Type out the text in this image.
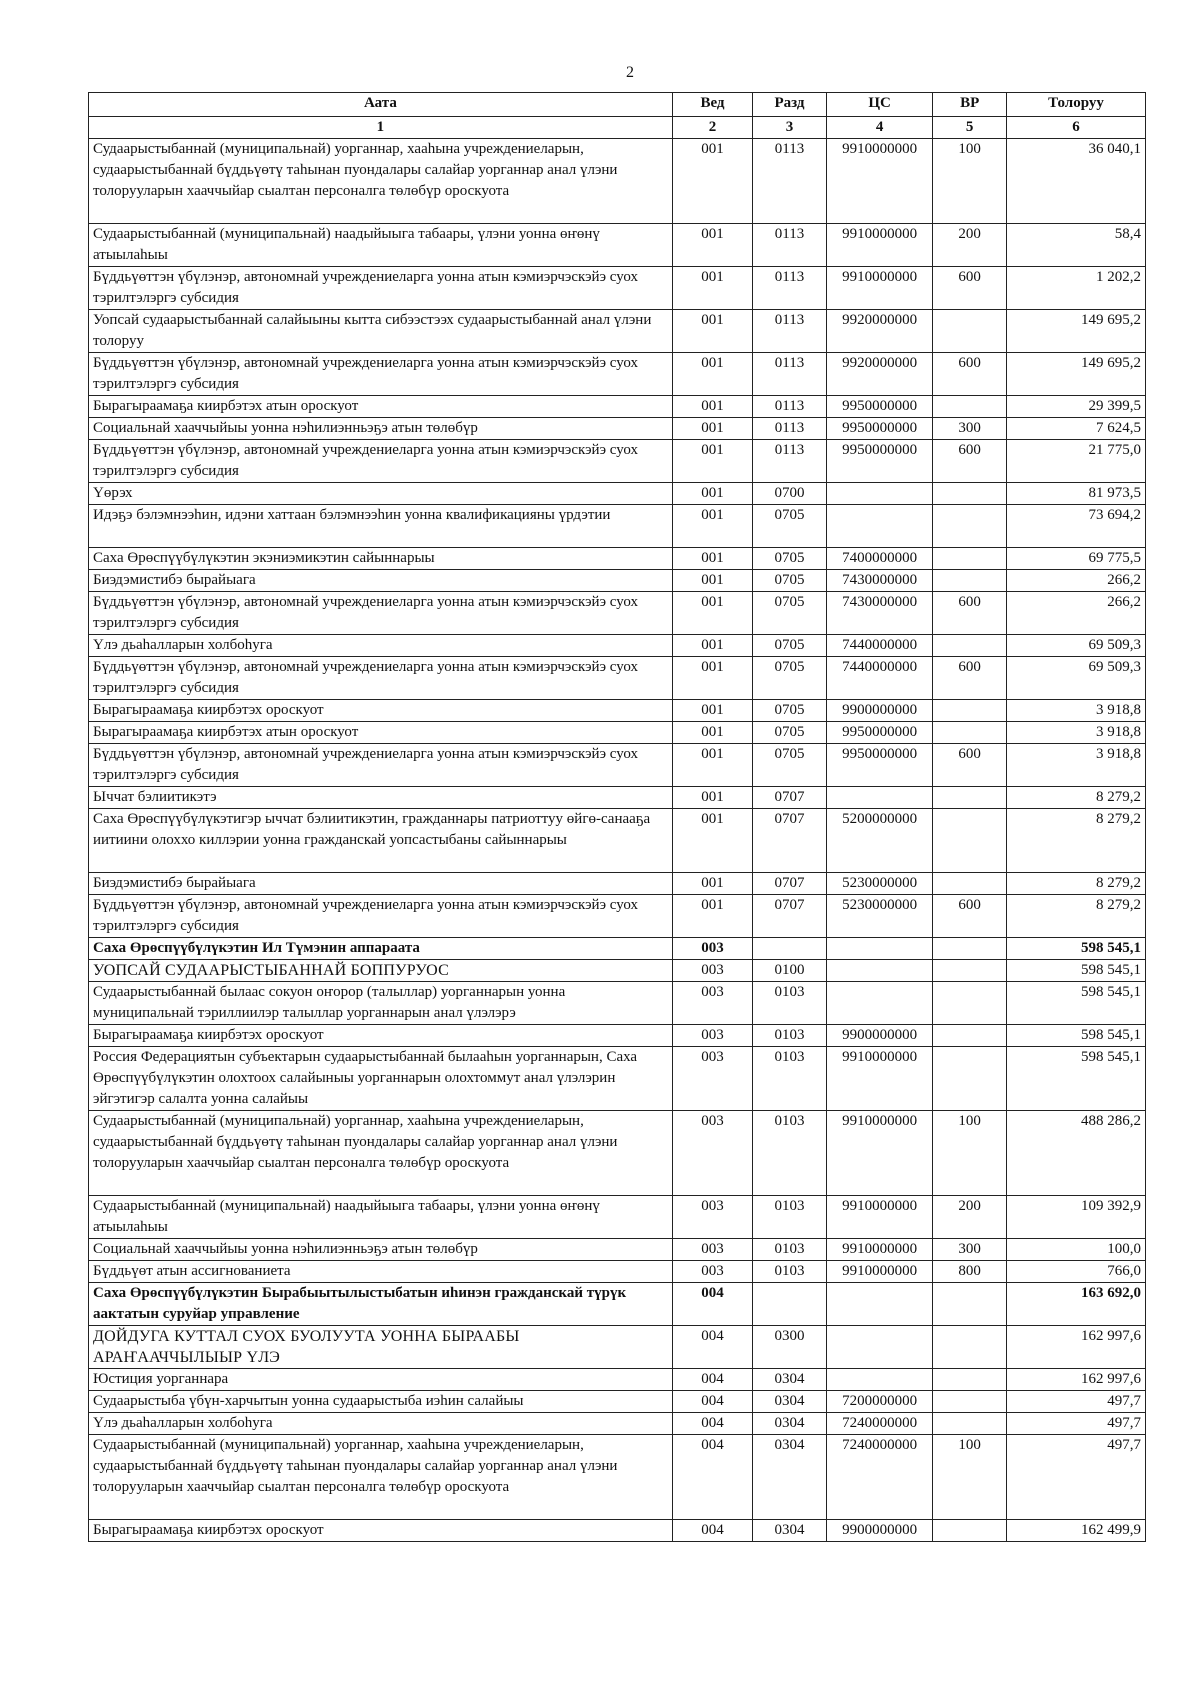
2
Аата	Вед	Разд	ЦС	ВР	Толоруу
1	2	3	4	5	6
Судаарыстыбаннай (муниципальнай) уорганнар, хааһына учреждениеларын, судаарыстыбаннай бүддьүөтү таһынан пуондалары салайар уорганнар анал үлэни толорууларын хааччыйар сыалтан персоналга төлөбүр ороскуота	001	0113	9910000000	100	36 040,1
Судаарыстыбаннай (муниципальнай) наадыйыыга табаары, үлэни уонна өҥөнү атыылаһыы	001	0113	9910000000	200	58,4
Бүддьүөттэн үбүлэнэр, автономнай учреждениеларга уонна атын кэмиэрчэскэйэ суох тэрилтэлэргэ субсидия	001	0113	9910000000	600	1 202,2
Уопсай судаарыстыбаннай салайыыны кытта сибээстээх судаарыстыбаннай анал үлэни толоруу	001	0113	9920000000		149 695,2
Бүддьүөттэн үбүлэнэр, автономнай учреждениеларга уонна атын кэмиэрчэскэйэ суох тэрилтэлэргэ субсидия	001	0113	9920000000	600	149 695,2
Бырагыраамаҕа киирбэтэх атын ороскуот	001	0113	9950000000		29 399,5
Социальнай хааччыйыы уонна нэһилиэнньэҕэ атын төлөбүр	001	0113	9950000000	300	7 624,5
Бүддьүөттэн үбүлэнэр, автономнай учреждениеларга уонна атын кэмиэрчэскэйэ суох тэрилтэлэргэ субсидия	001	0113	9950000000	600	21 775,0
Үөрэх	001	0700			81 973,5
Идэҕэ бэлэмнээһин, идэни хаттаан бэлэмнээһин уонна квалификацияны үрдэтии	001	0705			73 694,2
Саха Өрөспүүбүлүкэтин экэниэмикэтин сайыннарыы	001	0705	7400000000		69 775,5
Биэдэмистибэ бырайыага	001	0705	7430000000		266,2
Бүддьүөттэн үбүлэнэр, автономнай учреждениеларга уонна атын кэмиэрчэскэйэ суох тэрилтэлэргэ субсидия	001	0705	7430000000	600	266,2
Үлэ дьаһалларын холбоһуга	001	0705	7440000000		69 509,3
Бүддьүөттэн үбүлэнэр, автономнай учреждениеларга уонна атын кэмиэрчэскэйэ суох тэрилтэлэргэ субсидия	001	0705	7440000000	600	69 509,3
Бырагыраамаҕа киирбэтэх ороскуот	001	0705	9900000000		3 918,8
Бырагыраамаҕа киирбэтэх атын ороскуот	001	0705	9950000000		3 918,8
Бүддьүөттэн үбүлэнэр, автономнай учреждениеларга уонна атын кэмиэрчэскэйэ суох тэрилтэлэргэ субсидия	001	0705	9950000000	600	3 918,8
Ыччат бэлиитикэтэ	001	0707			8 279,2
Саха Өрөспүүбүлүкэтигэр ыччат бэлиитикэтин, гражданнары патриоттуу өйгө-санааҕа иитиини олоххо киллэрии уонна гражданскай уопсастыбаны сайыннарыы	001	0707	5200000000		8 279,2
Биэдэмистибэ бырайыага	001	0707	5230000000		8 279,2
Бүддьүөттэн үбүлэнэр, автономнай учреждениеларга уонна атын кэмиэрчэскэйэ суох тэрилтэлэргэ субсидия	001	0707	5230000000	600	8 279,2
Саха Өрөспүүбүлүкэтин Ил Түмэнин аппараата	003				598 545,1
УОПСАЙ СУДААРЫСТЫБАННАЙ БОППУРУОС	003	0100			598 545,1
Судаарыстыбаннай былаас сокуон оҥорор (талыллар) уорганнарын уонна муниципальнай тэриллиилэр талыллар уорганнарын анал үлэлэрэ	003	0103			598 545,1
Бырагыраамаҕа киирбэтэх ороскуот	003	0103	9900000000		598 545,1
Россия Федерациятын субъектарын судаарыстыбаннай былааһын уорганнарын, Саха Өрөспүүбүлүкэтин олохтоох салайыныы уорганнарын олохтоммут анал үлэлэрин эйгэтигэр салалта уонна салайыы	003	0103	9910000000		598 545,1
Судаарыстыбаннай (муниципальнай) уорганнар, хааһына учреждениеларын, судаарыстыбаннай бүддьүөтү таһынан пуондалары салайар уорганнар анал үлэни толорууларын хааччыйар сыалтан персоналга төлөбүр ороскуота	003	0103	9910000000	100	488 286,2
Судаарыстыбаннай (муниципальнай) наадыйыыга табаары, үлэни уонна өҥөнү атыылаһыы	003	0103	9910000000	200	109 392,9
Социальнай хааччыйыы уонна нэһилиэнньэҕэ атын төлөбүр	003	0103	9910000000	300	100,0
Бүддьүөт атын ассигнованиета	003	0103	9910000000	800	766,0
Саха Өрөспүүбүлүкэтин Бырабыытылыстыбатын иһинэн гражданскай түрүк аактатын суруйар управление	004				163 692,0
ДОЙДУГА КУТТАЛ СУОХ БУОЛУУТА УОННА БЫРААБЫ АРАҤААЧЧЫЛЫЫР ҮЛЭ	004	0300			162 997,6
Юстиция уорганнара	004	0304			162 997,6
Судаарыстыба үбүн-харчытын уонна судаарыстыба иэһин салайыы	004	0304	7200000000		497,7
Үлэ дьаһалларын холбоһуга	004	0304	7240000000		497,7
Судаарыстыбаннай (муниципальнай) уорганнар, хааһына учреждениеларын, судаарыстыбаннай бүддьүөтү таһынан пуондалары салайар уорганнар анал үлэни толорууларын хааччыйар сыалтан персоналга төлөбүр ороскуота	004	0304	7240000000	100	497,7
Бырагыраамаҕа киирбэтэх ороскуот	004	0304	9900000000		162 499,9
